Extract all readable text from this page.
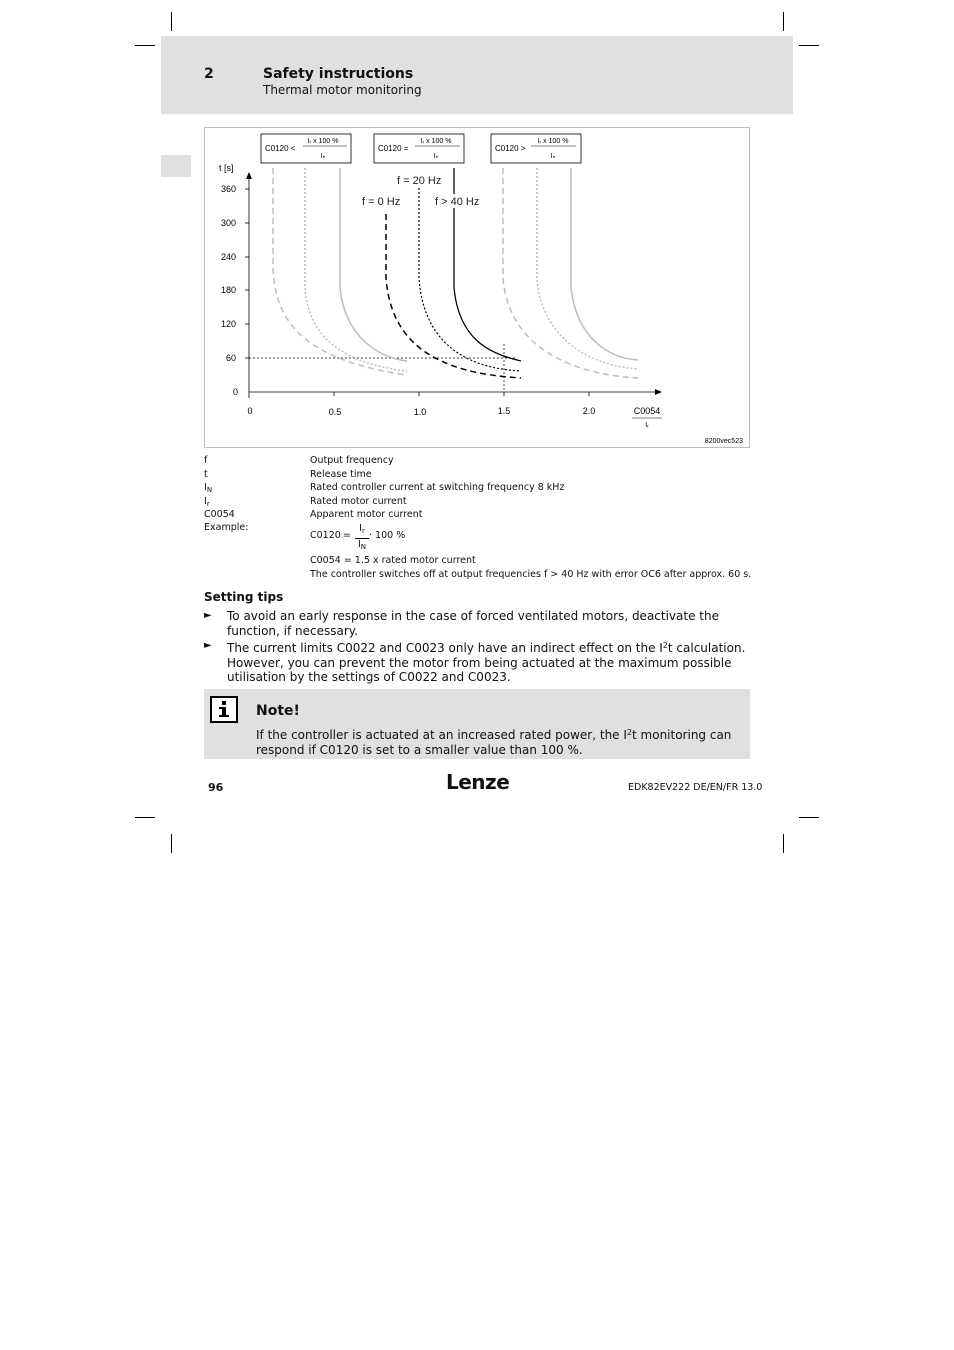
2	Safety instructions
Thermal motor monitoring
C0120 <
Iᵣ x 100 %
Iₙ
C0120 =
Iᵣ x 100 %
Iₙ
C0120 >
Iᵣ x 100 %
Iₙ
t [s]
360
300
240
180
120
60
0
0	0.5	1.0	1.5	2.0	C0054
Iᵣ
f = 20 Hz
f = 0 Hz	f > 40 Hz
8200vec523
f	Output frequency
t	Release time
$I_N$	Rated controller current at switching frequency 8 kHz
$I_r$	Rated motor current
C0054	Apparent motor current
Example:
$C0120 = \frac{I_r}{I_N} \cdot 100$ %
C0054 = 1.5 x rated motor current
The controller switches off at output frequencies f > 40 Hz with error OC6 after approx. 60 s.
Setting tips
► To avoid an early response in the case of forced ventilated motors, deactivate the function, if necessary.
► The current limits C0022 and C0023 only have an indirect effect on the $I^2t$ calculation. However, you can prevent the motor from being actuated at the maximum possible utilisation by the settings of C0022 and C0023.
Note!
If the controller is actuated at an increased rated power, the $I^2t$ monitoring can respond if C0120 is set to a smaller value than 100 %.
96	Lenze	EDK82EV222 DE/EN/FR 13.0
